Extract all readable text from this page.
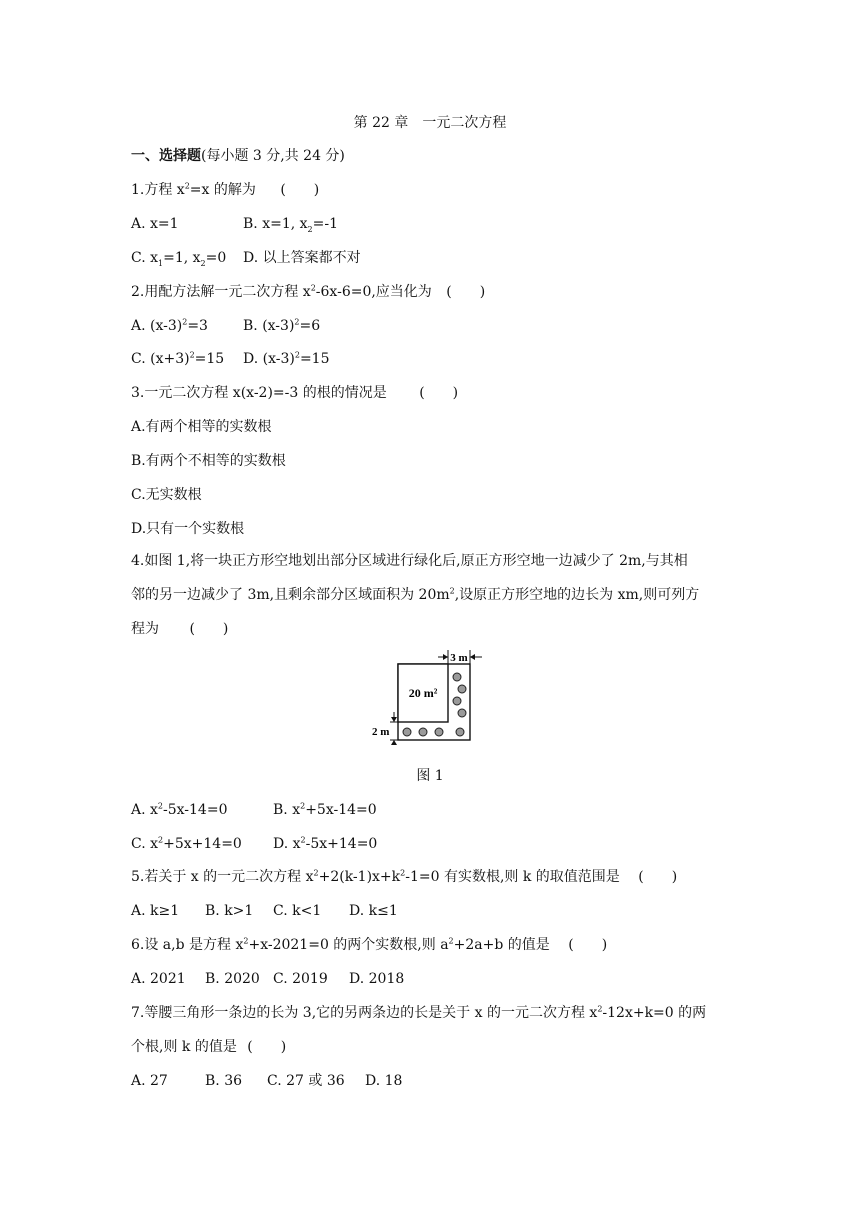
第 22 章　一元二次方程
一、选择题(每小题 3 分,共 24 分)
1.方程 $x^2=x$ 的解为 (　　)
A. x=1	B. x=1, $x_2=-1$
C. $x_1=1$, $x_2=0$ D. 以上答案都不对
2.用配方法解一元二次方程 $x^2-6x-6=0$,应当化为 (　　)
A. $(x-3)^2=3$	B. $(x-3)^2=6$
C. $(x+3)^2=15$ D. $(x-3)^2=15$
3.一元二次方程 x(x-2)=-3 的根的情况是 (　　)
A.有两个相等的实数根
B.有两个不相等的实数根
C.无实数根
D.只有一个实数根
4.如图 1,将一块正方形空地划出部分区域进行绿化后,原正方形空地一边减少了 2m,与其相
邻的另一边减少了 3m,且剩余部分区域面积为 $20m^2$,设原正方形空地的边长为 xm,则可列方
程为 (　　)
20 m²
3 m
2 m
图 1
A. $x^2-5x-14=0$	B. $x^2+5x-14=0$
C. $x^2+5x+14=0$ D. $x^2-5x+14=0$
5.若关于 x 的一元二次方程 $x^2+2(k-1)x+k^2-1=0$ 有实数根,则 k 的取值范围是 (　　)
A. k≥1 B. k>1 C. k<1 D. k≤1
6.设 a,b 是方程 $x^2+x-2021=0$ 的两个实数根,则 $a^2+2a+b$ 的值是 (　　)
A. 2021 B. 2020 C. 2019 D. 2018
7.等腰三角形一条边的长为 3,它的另两条边的长是关于 x 的一元二次方程 $x^2-12x+k=0$ 的两
个根,则 k 的值是 (　　)
A. 27	B. 36 C. 27 或 36 D. 18
